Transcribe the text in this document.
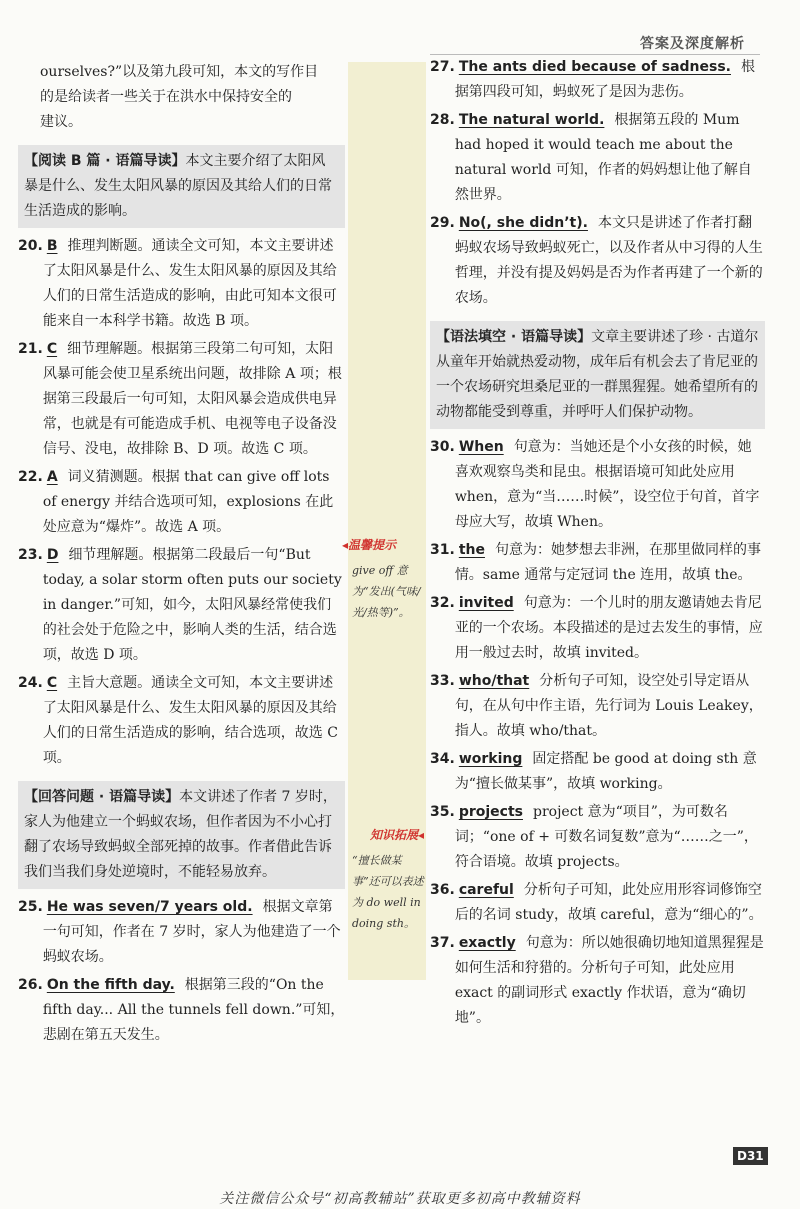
答案及深度解析

ourselves?”以及第九段可知，本文的写作目

的是给读者一些关于在洪水中保持安全的

建议。

【阅读 B 篇 · 语篇导读】本文主要介绍了太阳风暴是什么、发生太阳风暴的原因及其给人们的日常生活造成的影响。
20. B 推理判断题。通读全文可知，本文主要讲述了太阳风暴是什么、发生太阳风暴的原因及其给人们的日常生活造成的影响，由此可知本文很可能来自一本科学书籍。故选 B 项。
21. C 细节理解题。根据第三段第二句可知，太阳风暴可能会使卫星系统出问题，故排除 A 项；根据第三段最后一句可知，太阳风暴会造成供电异常，也就是有可能造成手机、电视等电子设备没信号、没电，故排除 B、D 项。故选 C 项。
22. A 词义猜测题。根据 that can give off lots of energy 并结合选项可知，explosions 在此处应意为“爆炸”。故选 A 项。
23. D 细节理解题。根据第二段最后一句“But today, a solar storm often puts our society in danger.”可知，如今，太阳风暴经常使我们的社会处于危险之中，影响人类的生活，结合选项，故选 D 项。
24. C 主旨大意题。通读全文可知，本文主要讲述了太阳风暴是什么、发生太阳风暴的原因及其给人们的日常生活造成的影响，结合选项，故选 C 项。
【回答问题 · 语篇导读】本文讲述了作者 7 岁时，家人为他建立一个蚂蚁农场，但作者因为不小心打翻了农场导致蚂蚁全部死掉的故事。作者借此告诉我们当我们身处逆境时，不能轻易放弃。
25. He was seven/7 years old. 根据文章第一句可知，作者在 7 岁时，家人为他建造了一个蚂蚁农场。
26. On the fifth day. 根据第三段的“On the fifth day... All the tunnels fell down.”可知，悲剧在第五天发生。
◂温馨提示
give off 意为“发出(气味/光/热等)”。
知识拓展◂
“擅长做某事”还可以表述为 do well in doing sth。
27. The ants died because of sadness. 根据第四段可知，蚂蚁死了是因为悲伤。
28. The natural world. 根据第五段的 Mum had hoped it would teach me about the natural world 可知，作者的妈妈想让他了解自然世界。
29. No(, she didn’t). 本文只是讲述了作者打翻蚂蚁农场导致蚂蚁死亡，以及作者从中习得的人生哲理，并没有提及妈妈是否为作者再建了一个新的农场。
【语法填空 · 语篇导读】文章主要讲述了珍 · 古道尔从童年开始就热爱动物，成年后有机会去了肯尼亚的一个农场研究坦桑尼亚的一群黑猩猩。她希望所有的动物都能受到尊重，并呼吁人们保护动物。
30. When 句意为：当她还是个小女孩的时候，她喜欢观察鸟类和昆虫。根据语境可知此处应用 when，意为“当……时候”，设空位于句首，首字母应大写，故填 When。
31. the 句意为：她梦想去非洲，在那里做同样的事情。same 通常与定冠词 the 连用，故填 the。
32. invited 句意为：一个儿时的朋友邀请她去肯尼亚的一个农场。本段描述的是过去发生的事情，应用一般过去时，故填 invited。
33. who/that 分析句子可知，设空处引导定语从句，在从句中作主语，先行词为 Louis Leakey，指人。故填 who/that。
34. working 固定搭配 be good at doing sth 意为“擅长做某事”，故填 working。
35. projects project 意为“项目”，为可数名词；“one of + 可数名词复数”意为“……之一”，符合语境。故填 projects。
36. careful 分析句子可知，此处应用形容词修饰空后的名词 study，故填 careful，意为“细心的”。
37. exactly 句意为：所以她很确切地知道黑猩猩是如何生活和狩猎的。分析句子可知，此处应用 exact 的副词形式 exactly 作状语，意为“确切地”。
D31
关注微信公众号“初高教辅站”获取更多初高中教辅资料
